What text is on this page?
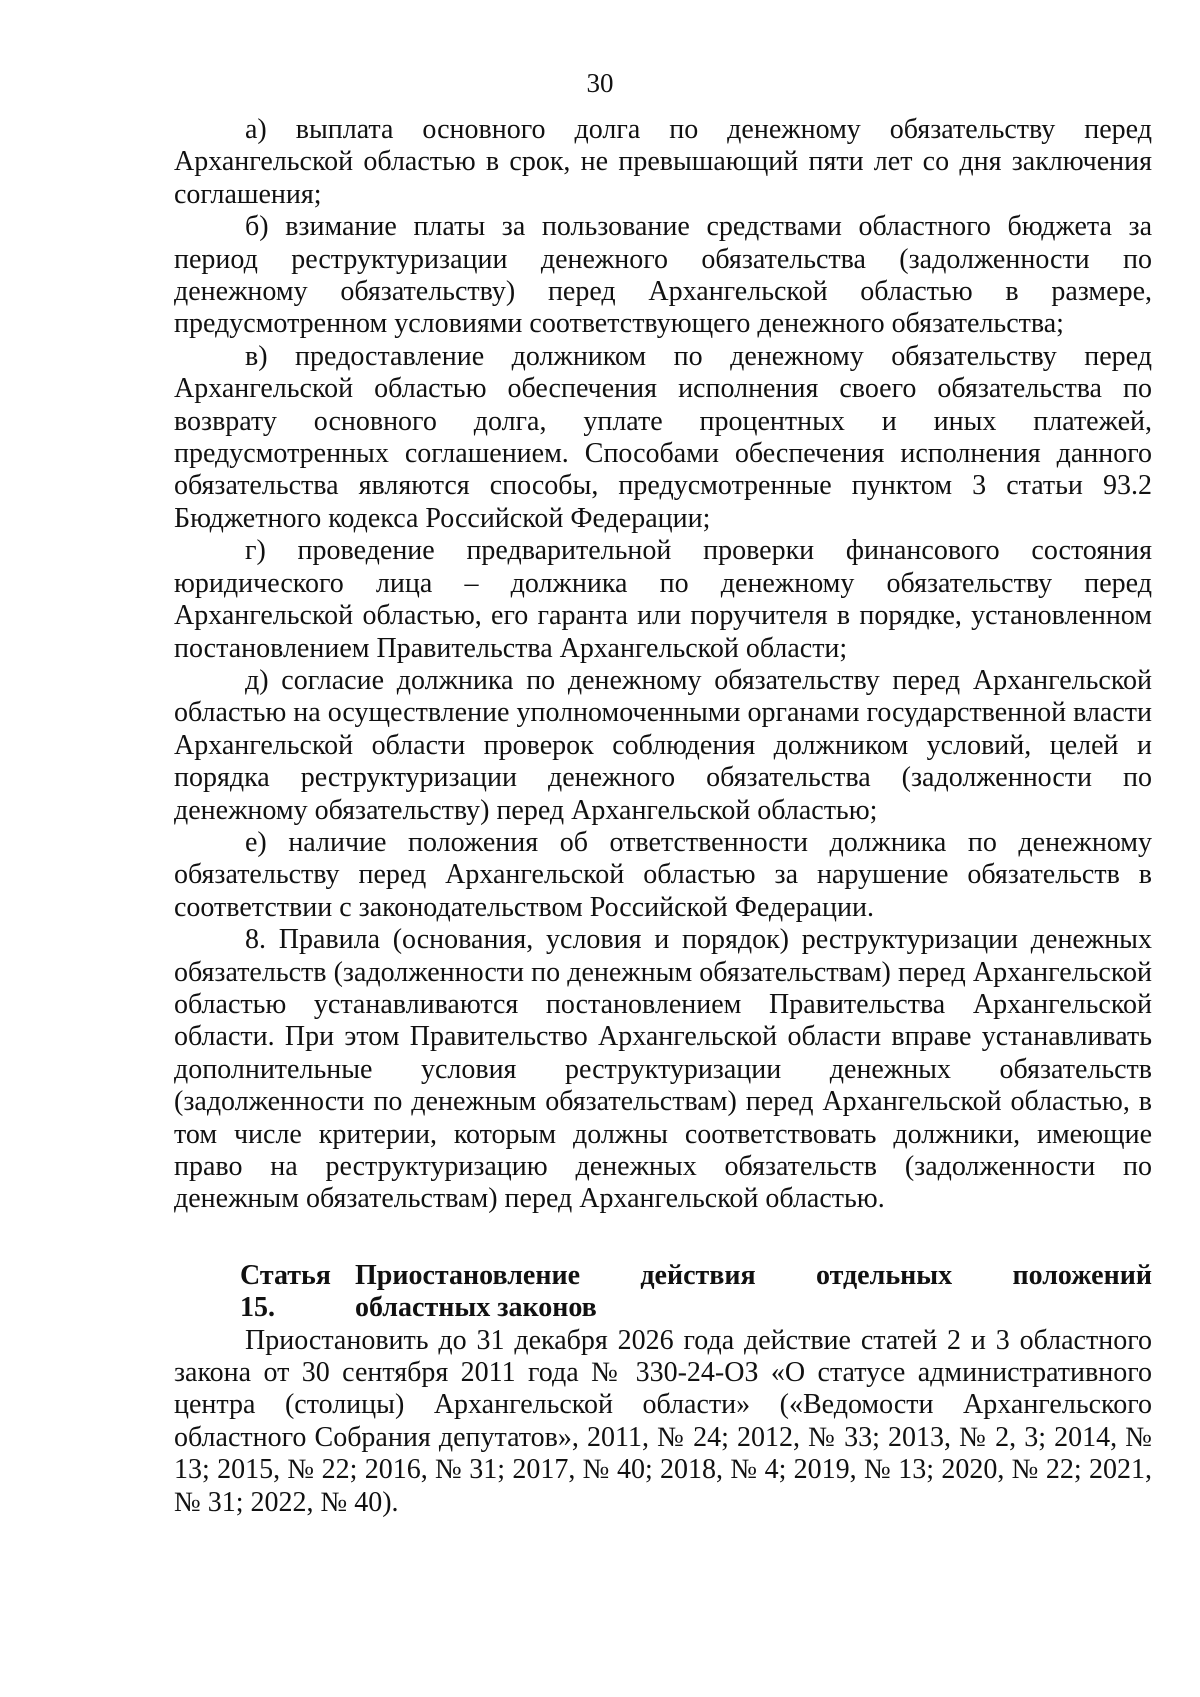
30

а) выплата основного долга по денежному обязательству перед Архангельской областью в срок, не превышающий пяти лет со дня заключения соглашения;

б) взимание платы за пользование средствами областного бюджета за период реструктуризации денежного обязательства (задолженности по денежному обязательству) перед Архангельской областью в размере, предусмотренном условиями соответствующего денежного обязательства;

в) предоставление должником по денежному обязательству перед Архангельской областью обеспечения исполнения своего обязательства по возврату основного долга, уплате процентных и иных платежей, предусмотренных соглашением. Способами обеспечения исполнения данного обязательства являются способы, предусмотренные пунктом 3 статьи 93.2 Бюджетного кодекса Российской Федерации;

г) проведение предварительной проверки финансового состояния юридического лица – должника по денежному обязательству перед Архангельской областью, его гаранта или поручителя в порядке, установленном постановлением Правительства Архангельской области;

д) согласие должника по денежному обязательству перед Архангельской областью на осуществление уполномоченными органами государственной власти Архангельской области проверок соблюдения должником условий, целей и порядка реструктуризации денежного обязательства (задолженности по денежному обязательству) перед Архангельской областью;

е) наличие положения об ответственности должника по денежному обязательству перед Архангельской областью за нарушение обязательств в соответствии с законодательством Российской Федерации.

8. Правила (основания, условия и порядок) реструктуризации денежных обязательств (задолженности по денежным обязательствам) перед Архангельской областью устанавливаются постановлением Правительства Архангельской области. При этом Правительство Архангельской области вправе устанавливать дополнительные условия реструктуризации денежных обязательств (задолженности по денежным обязательствам) перед Архангельской областью, в том числе критерии, которым должны соответствовать должники, имеющие право на реструктуризацию денежных обязательств (задолженности по денежным обязательствам) перед Архангельской областью.

Статья 15.
Приостановление действия отдельных положений
областных законов

Приостановить до 31 декабря 2026 года действие статей 2 и 3 областного закона от 30 сентября 2011 года № 330-24-ОЗ «О статусе административного центра (столицы) Архангельской области» («Ведомости Архангельского областного Собрания депутатов», 2011, № 24; 2012, № 33; 2013, № 2, 3; 2014, № 13; 2015, № 22; 2016, № 31; 2017, № 40; 2018, № 4; 2019, № 13; 2020, № 22; 2021, № 31; 2022, № 40).
